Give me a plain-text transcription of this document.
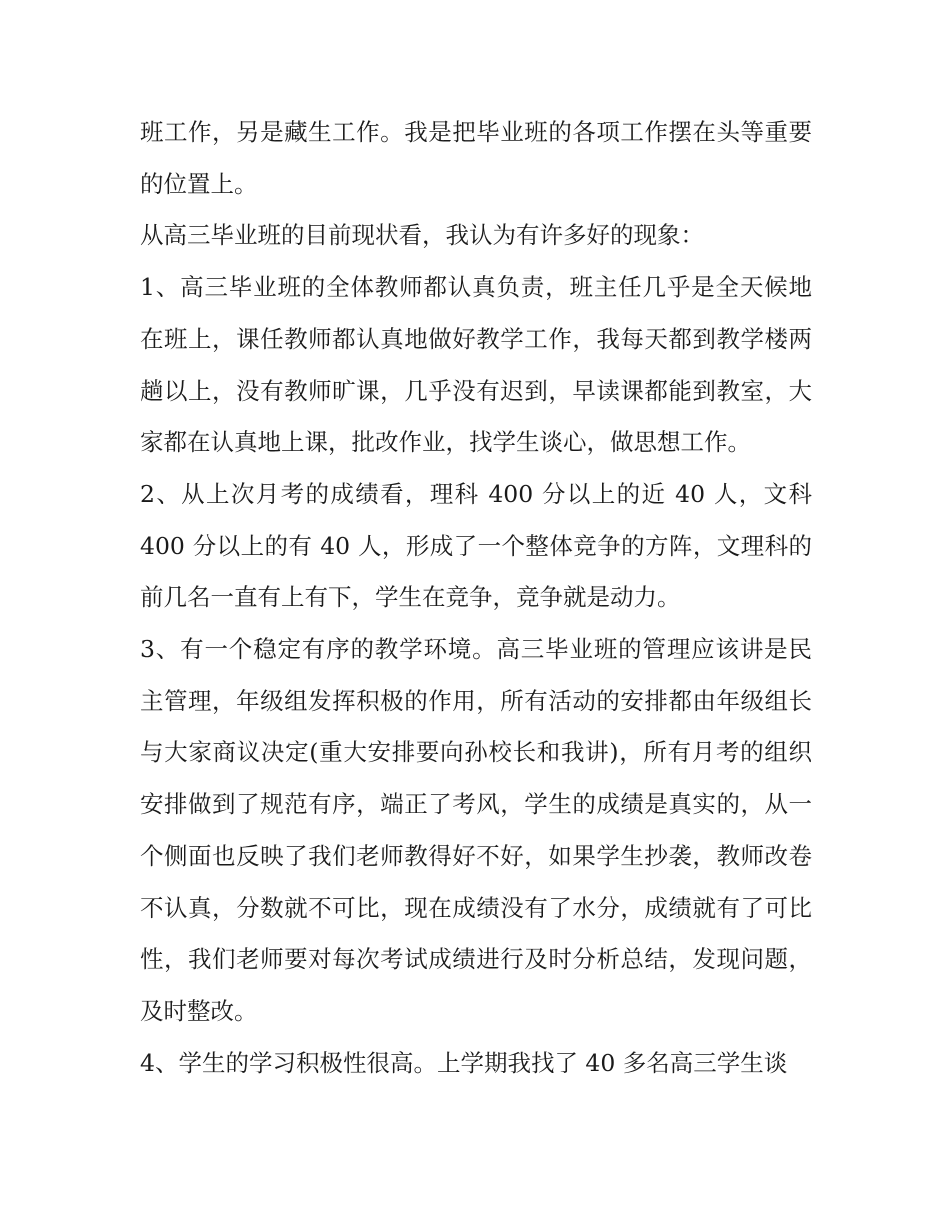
班工作，另是藏生工作。我是把毕业班的各项工作摆在头等重要的位置上。

从高三毕业班的目前现状看，我认为有许多好的现象：

1、高三毕业班的全体教师都认真负责，班主任几乎是全天候地在班上，课任教师都认真地做好教学工作，我每天都到教学楼两趟以上，没有教师旷课，几乎没有迟到，早读课都能到教室，大家都在认真地上课，批改作业，找学生谈心，做思想工作。

2、从上次月考的成绩看，理科 400 分以上的近 40 人，文科 400 分以上的有 40 人，形成了一个整体竞争的方阵，文理科的前几名一直有上有下，学生在竞争，竞争就是动力。

3、有一个稳定有序的教学环境。高三毕业班的管理应该讲是民主管理，年级组发挥积极的作用，所有活动的安排都由年级组长与大家商议决定(重大安排要向孙校长和我讲)，所有月考的组织安排做到了规范有序，端正了考风，学生的成绩是真实的，从一个侧面也反映了我们老师教得好不好，如果学生抄袭，教师改卷不认真，分数就不可比，现在成绩没有了水分，成绩就有了可比性，我们老师要对每次考试成绩进行及时分析总结，发现问题，及时整改。

4、学生的学习积极性很高。上学期我找了 40 多名高三学生谈
